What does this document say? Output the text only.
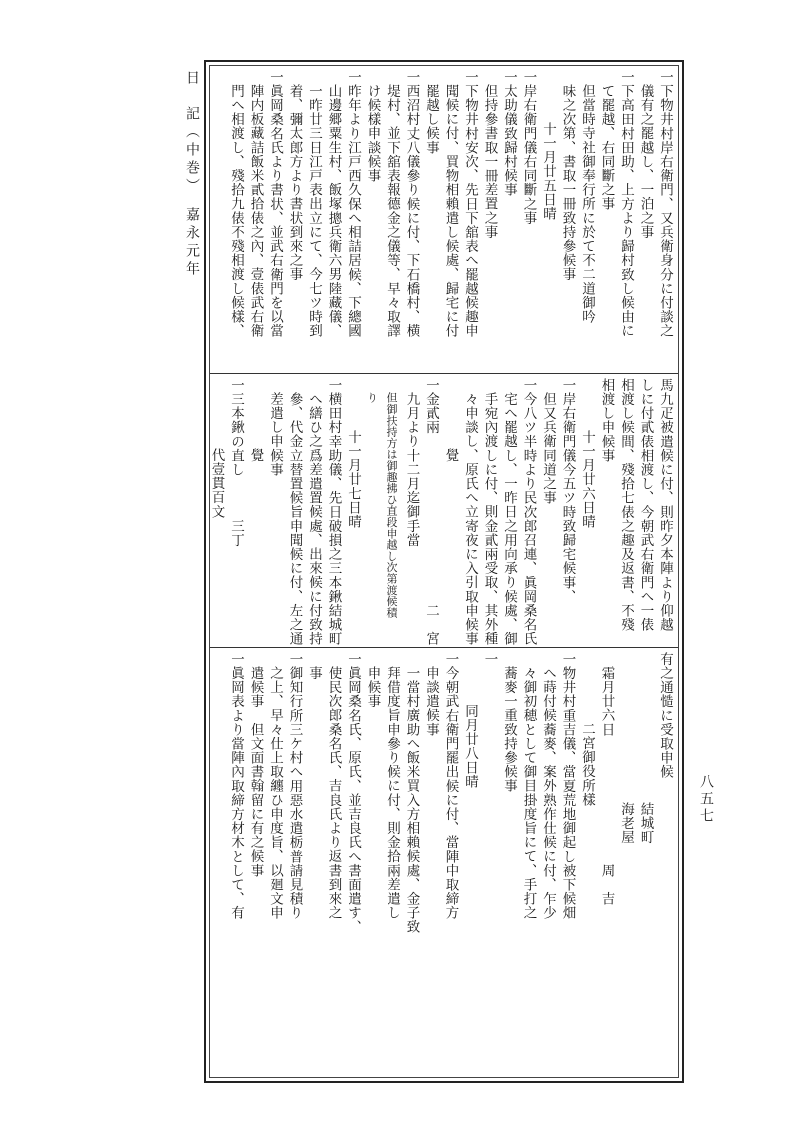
日　記（中巻）　嘉永元年
八五七
一下物井村岸右衛門、又兵衛身分に付談之
儀有之罷越し、一泊之事
一下高田村田助、上方より歸村致し候由に
て罷越、右同斷之事
但當時寺社御奉行所に於て不二道御吟
味之次第、書取一冊致持參候事
十一月廿五日晴
一岸右衛門儀右同斷之事
一太助儀致歸村候事
但持參書取一冊差置之事
一下物井村安次、先日下舘表へ罷越候趣申
聞候に付、買物相賴遣し候處、歸宅に付
罷越し候事
一西沼村丈八儀參り候に付、下石橋村、横
堤村、並下舘表報德金之儀等、早々取譯
け候樣申談候事
一昨年より江戸西久保へ相詰居候、下總國
山邊郷粟生村、飯塚摠兵衛六男陸藏儀、
一昨廿三日江戸表出立にて、今七ツ時到
着、彌太郎方より書状到來之事
一眞岡桑名氏より書状、並武右衛門を以當
陣内板藏詰飯米貳拾俵之內、壹俵武右衛
門へ相渡し、殘拾九俵不殘相渡し候樣、
馬九疋被遣候に付、則昨夕本陣より仰越
しに付貳俵相渡し、今朝武右衛門へ一俵
相渡し候間、殘拾七俵之趣及返書、不殘
相渡し申候事
十一月廿六日晴
一岸右衛門儀今五ツ時致歸宅候事、
但又兵衛同道之事
一今八ツ半時より民次郎召連、眞岡桑名氏
宅へ罷越し、一昨日之用向承り候處、御
手宛內渡しに付、則金貳兩受取、其外種
々申談し、原氏へ立寄夜に入引取申候事
覺
一金貳兩　　　　　　　　　　　　二　宮
九月より十二月迄御手當
但御扶持方は御趣拂ひ直段申越し次第渡候積
り
十一月廿七日晴
一横田村幸助儀、先日破損之三本鍬結城町
へ繕ひ之爲差遣置候處、出來候に付致持
參、代金立替置候旨申聞候に付、左之通
差遣し申候事
覺
一三本鍬の直し　　　三丁
代壹貫百文
有之通慥に受取申候
結城町
海老屋
霜月廿六日　　　　　　　　　周　吉
二宮御役所樣
一物井村重吉儀、當夏荒地御起し被下候畑
へ蒔付候蕎麥、案外熟作仕候に付、乍少
々御初穂として御目掛度旨にて、手打之
蕎麥一重致持參候事
一
同月廿八日晴
一今朝武右衛門罷出候に付、當陣中取締方
申談遣候事
一當村廣助へ飯米買入方相賴候處、金子致
拜借度旨申參り候に付、則金拾兩差遣し
申候事
一眞岡桑名氏、原氏、並吉良氏へ書面遣す、
使民次郎桑名氏、吉良氏より返書到來之
事
一御知行所三ケ村へ用惡水遣栃普請見積り
之上、早々仕上取纏ひ申度旨、以廻文申
遣候事　但文面書翰留に有之候事
一眞岡表より當陣內取締方材木として、有
